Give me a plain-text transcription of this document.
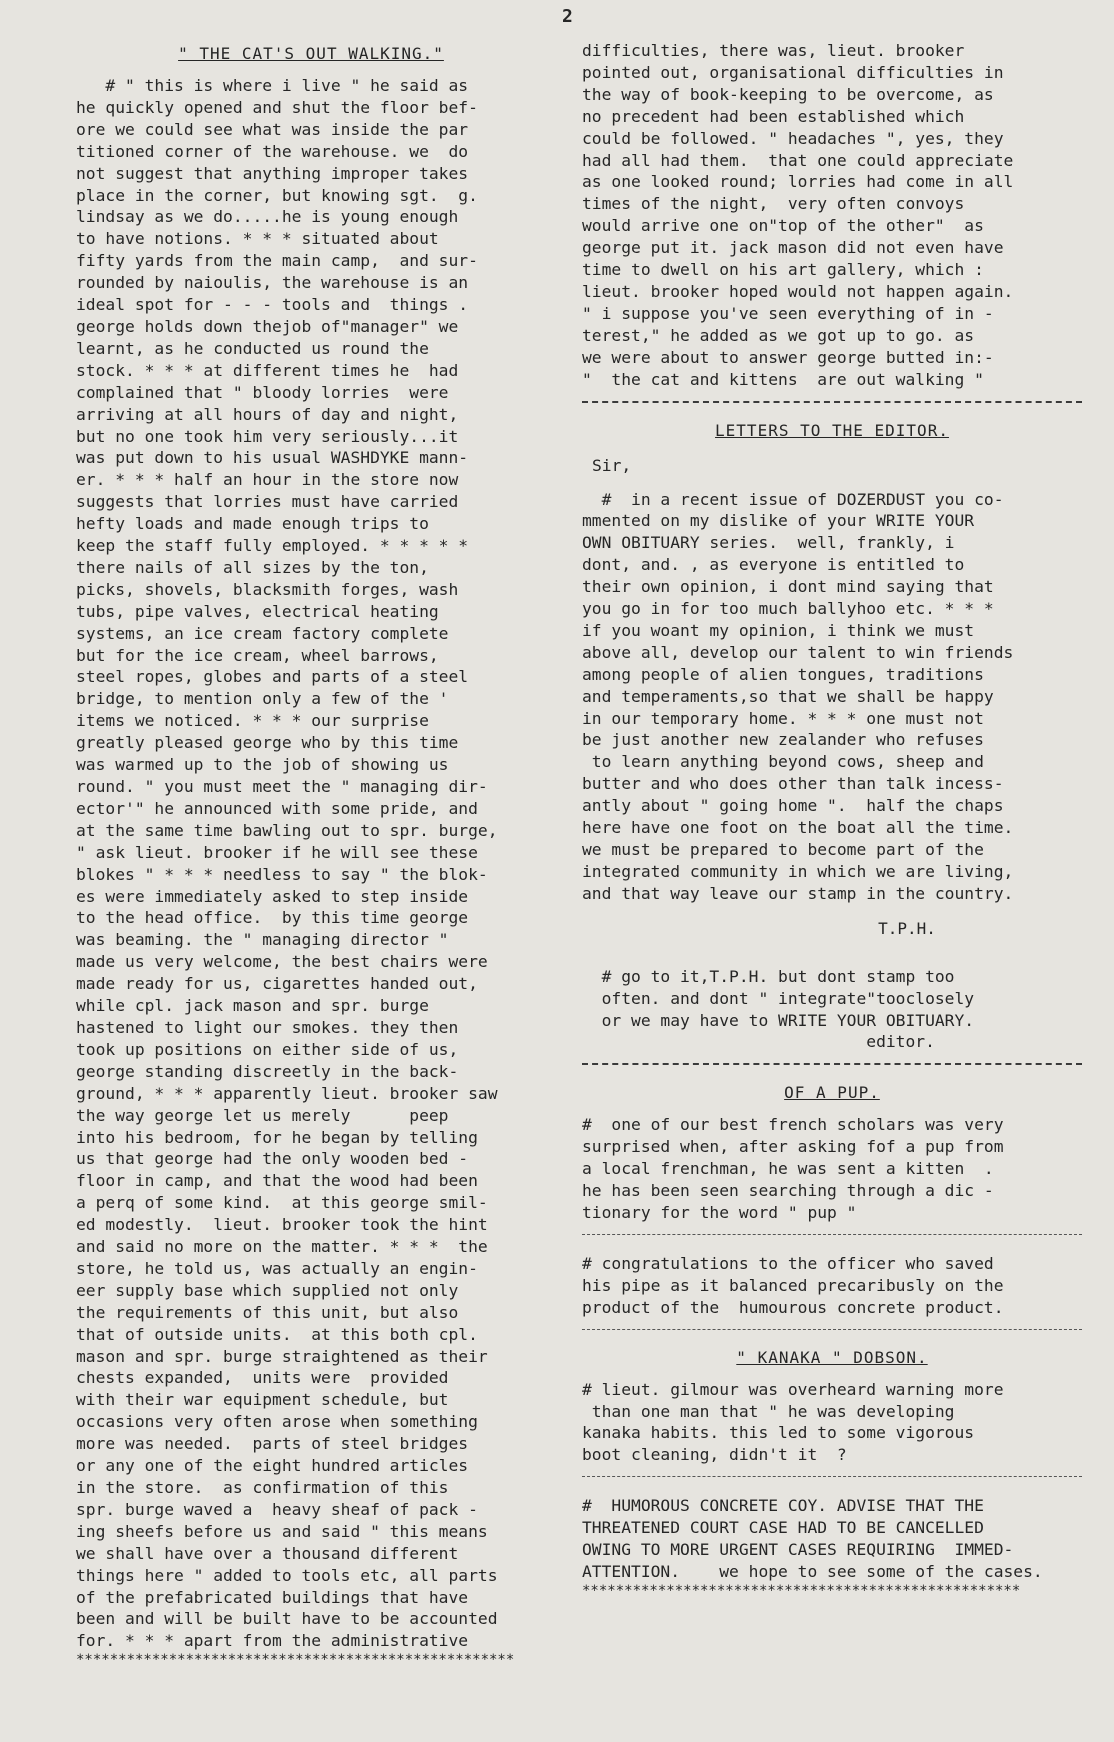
2
" THE CAT'S OUT WALKING."
# " this is where i live " he said as
he quickly opened and shut the floor bef-
ore we could see what was inside the par
titioned corner of the warehouse. we  do
not suggest that anything improper takes
place in the corner, but knowing sgt.  g.
lindsay as we do.....he is young enough
to have notions. * * * situated about
fifty yards from the main camp,  and sur-
rounded by naioulis, the warehouse is an
ideal spot for - - - tools and  things .
george holds down thejob of"manager" we
learnt, as he conducted us round the
stock. * * * at different times he  had
complained that " bloody lorries  were
arriving at all hours of day and night,
but no one took him very seriously...it
was put down to his usual WASHDYKE mann-
er. * * * half an hour in the store now
suggests that lorries must have carried
hefty loads and made enough trips to
keep the staff fully employed. * * * * *
there nails of all sizes by the ton,
picks, shovels, blacksmith forges, wash
tubs, pipe valves, electrical heating
systems, an ice cream factory complete
but for the ice cream, wheel barrows,
steel ropes, globes and parts of a steel
bridge, to mention only a few of the '
items we noticed. * * * our surprise
greatly pleased george who by this time
was warmed up to the job of showing us
round. " you must meet the " managing dir-
ector'" he announced with some pride, and
at the same time bawling out to spr. burge,
" ask lieut. brooker if he will see these
blokes " * * * needless to say " the blok-
es were immediately asked to step inside
to the head office.  by this time george
was beaming. the " managing director "
made us very welcome, the best chairs were
made ready for us, cigarettes handed out,
while cpl. jack mason and spr. burge
hastened to light our smokes. they then
took up positions on either side of us,
george standing discreetly in the back-
ground, * * * apparently lieut. brooker saw
the way george let us merely      peep
into his bedroom, for he began by telling
us that george had the only wooden bed -
floor in camp, and that the wood had been
a perq of some kind.  at this george smil-
ed modestly.  lieut. brooker took the hint
and said no more on the matter. * * *  the
store, he told us, was actually an engin-
eer supply base which supplied not only
the requirements of this unit, but also
that of outside units.  at this both cpl.
mason and spr. burge straightened as their
chests expanded,  units were  provided
with their war equipment schedule, but
occasions very often arose when something
more was needed.  parts of steel bridges
or any one of the eight hundred articles
in the store.  as confirmation of this
spr. burge waved a  heavy sheaf of pack -
ing sheefs before us and said " this means
we shall have over a thousand different
things here " added to tools etc, all parts
of the prefabricated buildings that have
been and will be built have to be accounted
for. * * * apart from the administrative
****************************************************
difficulties, there was, lieut. brooker
pointed out, organisational difficulties in
the way of book-keeping to be overcome, as
no precedent had been established which
could be followed. " headaches ", yes, they
had all had them.  that one could appreciate
as one looked round; lorries had come in all
times of the night,  very often convoys
would arrive one on"top of the other"  as
george put it. jack mason did not even have
time to dwell on his art gallery, which :
lieut. brooker hoped would not happen again.
" i suppose you've seen everything of in -
terest," he added as we got up to go. as
we were about to answer george butted in:-
"  the cat and kittens  are out walking "
LETTERS TO THE EDITOR.
Sir,
#  in a recent issue of DOZERDUST you co-
mmented on my dislike of your WRITE YOUR
OWN OBITUARY series.  well, frankly, i
dont, and. , as everyone is entitled to
their own opinion, i dont mind saying that
you go in for too much ballyhoo etc. * * *
if you woant my opinion, i think we must
above all, develop our talent to win friends
among people of alien tongues, traditions
and temperaments,so that we shall be happy
in our temporary home. * * * one must not
be just another new zealander who refuses
to learn anything beyond cows, sheep and
butter and who does other than talk incess-
antly about " going home ".  half the chaps
here have one foot on the boat all the time.
we must be prepared to become part of the
integrated community in which we are living,
and that way leave our stamp in the country.
T.P.H.
# go to it,T.P.H. but dont stamp too
often. and dont " integrate"tooclosely
or we may have to WRITE YOUR OBITUARY.
editor.
OF A PUP.
#  one of our best french scholars was very
surprised when, after asking fof a pup from
a local frenchman, he was sent a kitten  .
he has been seen searching through a dic -
tionary for the word " pup "
# congratulations to the officer who saved
his pipe as it balanced precaribusly on the
product of the  humourous concrete product.
" KANAKA " DOBSON.
# lieut. gilmour was overheard warning more
than one man that " he was developing
kanaka habits. this led to some vigorous
boot cleaning, didn't it  ?
#  HUMOROUS CONCRETE COY. ADVISE THAT THE
THREATENED COURT CASE HAD TO BE CANCELLED
OWING TO MORE URGENT CASES REQUIRING  IMMED-
ATTENTION.    we hope to see some of the cases.
****************************************************
